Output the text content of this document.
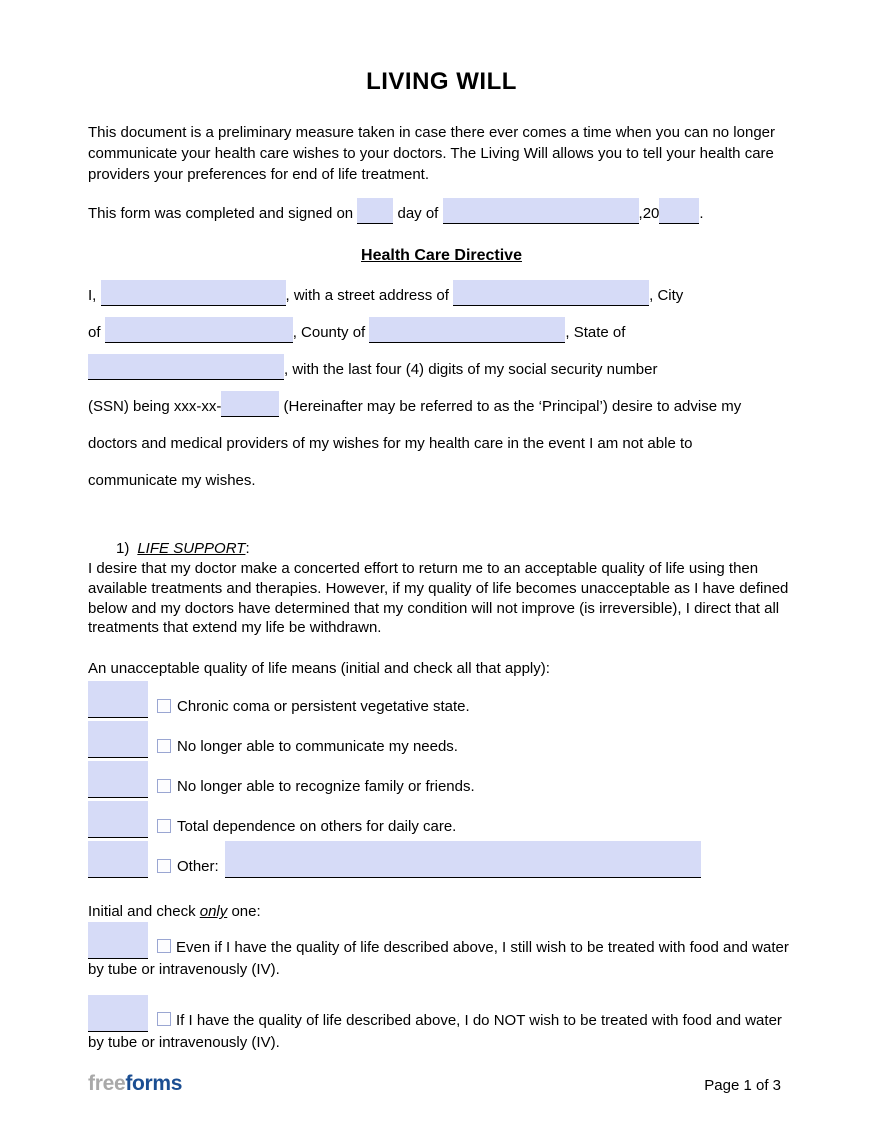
LIVING WILL

This document is a preliminary measure taken in case there ever comes a time when you can no longer communicate your health care wishes to your doctors. The Living Will allows you to tell your health care providers your preferences for end of life treatment.

This form was completed and signed on	day of	,20	.

Health Care Directive
I,	, with a street address of	, City
of	, County of	, State of
, with the last four (4) digits of my social security number
(SSN) being xxx-xx-	(Hereinafter may be referred to as the ‘Principal’) desire to advise my
doctors and medical providers of my wishes for my health care in the event I am not able to
communicate my wishes.
1) LIFE SUPPORT:

I desire that my doctor make a concerted effort to return me to an acceptable quality of life using then available treatments and therapies. However, if my quality of life becomes unacceptable as I have defined below and my doctors have determined that my condition will not improve (is irreversible), I direct that all treatments that extend my life be withdrawn.

An unacceptable quality of life means (initial and check all that apply):

Chronic coma or persistent vegetative state.
No longer able to communicate my needs.
No longer able to recognize family or friends.
Total dependence on others for daily care.
Other:

Initial and check only one:

Even if I have the quality of life described above, I still wish to be treated with food and water by tube or intravenously (IV).

If I have the quality of life described above, I do NOT wish to be treated with food and water by tube or intravenously (IV).

freeforms	Page 1 of 3
